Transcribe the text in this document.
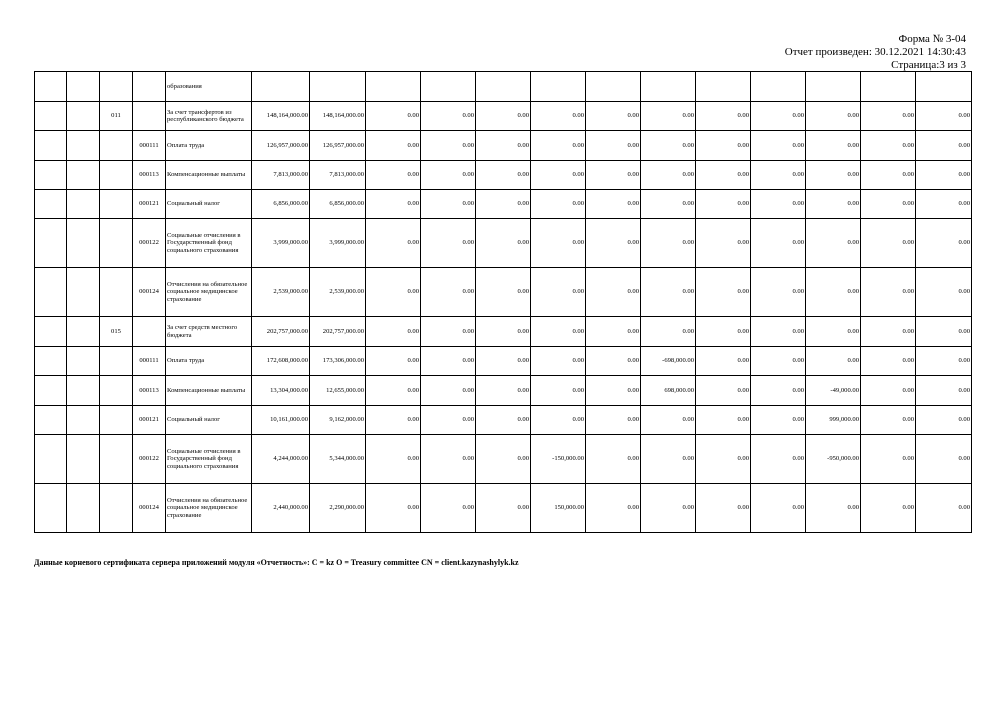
Форма № 3-04
Отчет произведен: 30.12.2021 14:30:43
Страница:3 из 3
				образования													
		011		За счет трансфертов из республиканского бюджета	148,164,000.00	148,164,000.00	0.00	0.00	0.00	0.00	0.00	0.00	0.00	0.00	0.00	0.00	0.00
			000111	Оплата труда	126,957,000.00	126,957,000.00	0.00	0.00	0.00	0.00	0.00	0.00	0.00	0.00	0.00	0.00	0.00
			000113	Компенсационные выплаты	7,813,000.00	7,813,000.00	0.00	0.00	0.00	0.00	0.00	0.00	0.00	0.00	0.00	0.00	0.00
			000121	Социальный налог	6,856,000.00	6,856,000.00	0.00	0.00	0.00	0.00	0.00	0.00	0.00	0.00	0.00	0.00	0.00
			000122	Социальные отчисления в Государственный фонд социального страхования	3,999,000.00	3,999,000.00	0.00	0.00	0.00	0.00	0.00	0.00	0.00	0.00	0.00	0.00	0.00
			000124	Отчисления на обязательное социальное медицинское страхование	2,539,000.00	2,539,000.00	0.00	0.00	0.00	0.00	0.00	0.00	0.00	0.00	0.00	0.00	0.00
		015		За счет средств местного бюджета	202,757,000.00	202,757,000.00	0.00	0.00	0.00	0.00	0.00	0.00	0.00	0.00	0.00	0.00	0.00
			000111	Оплата труда	172,608,000.00	173,306,000.00	0.00	0.00	0.00	0.00	0.00	-698,000.00	0.00	0.00	0.00	0.00	0.00
			000113	Компенсационные выплаты	13,304,000.00	12,655,000.00	0.00	0.00	0.00	0.00	0.00	698,000.00	0.00	0.00	-49,000.00	0.00	0.00
			000121	Социальный налог	10,161,000.00	9,162,000.00	0.00	0.00	0.00	0.00	0.00	0.00	0.00	0.00	999,000.00	0.00	0.00
			000122	Социальные отчисления в Государственный фонд социального страхования	4,244,000.00	5,344,000.00	0.00	0.00	0.00	-150,000.00	0.00	0.00	0.00	0.00	-950,000.00	0.00	0.00
			000124	Отчисления на обязательное социальное медицинское страхование	2,440,000.00	2,290,000.00	0.00	0.00	0.00	150,000.00	0.00	0.00	0.00	0.00	0.00	0.00	0.00
Данные корневого сертификата сервера приложений модуля «Отчетность»: C = kz O = Treasury committee CN = client.kazynashylyk.kz
